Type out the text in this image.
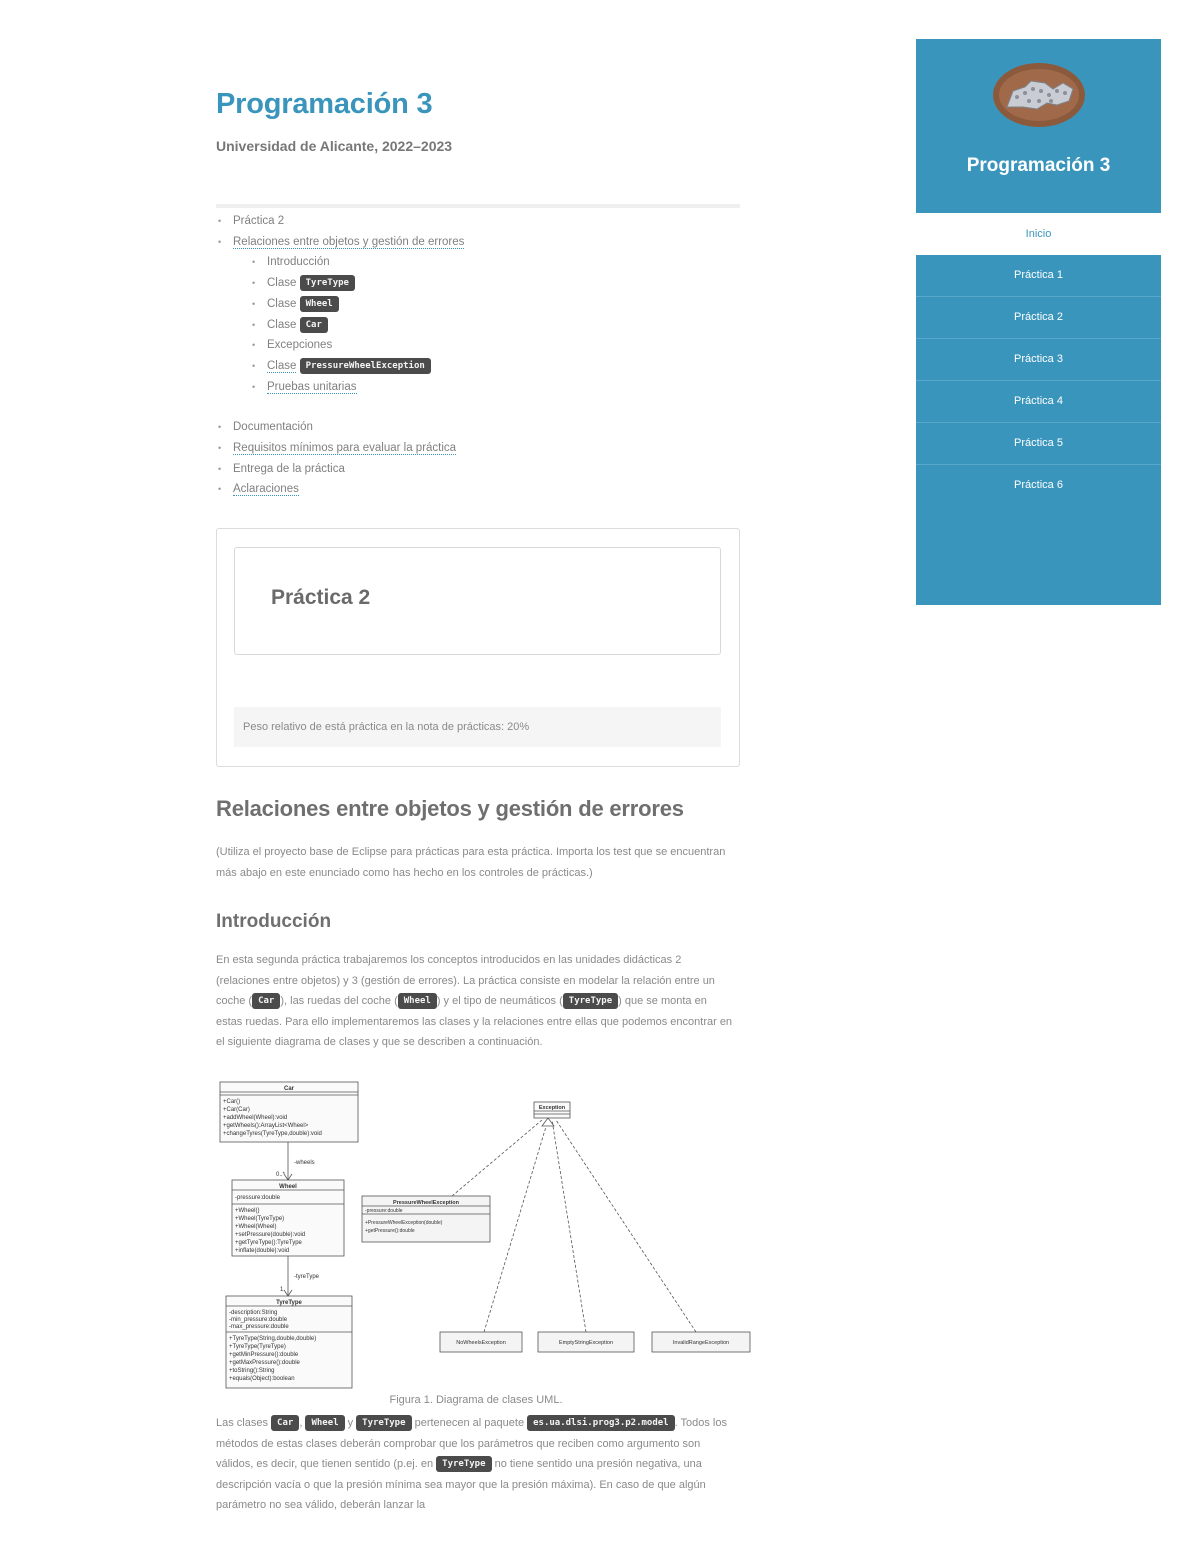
Programación 3

Universidad de Alicante, 2022–2023

• Práctica 2
• Relaciones entre objetos y gestión de errores
• Introducción
• Clase TyreType
• Clase Wheel
• Clase Car
• Excepciones
• Clase PressureWheelException
• Pruebas unitarias
• Documentación
• Requisitos mínimos para evaluar la práctica
• Entrega de la práctica
• Aclaraciones
Práctica 2
Peso relativo de está práctica en la nota de prácticas: 20%
Relaciones entre objetos y gestión de errores

(Utiliza el proyecto base de Eclipse para prácticas para esta práctica. Importa los test que se encuentran más abajo en este enunciado como has hecho en los controles de prácticas.)

Introducción

En esta segunda práctica trabajaremos los conceptos introducidos en las unidades didácticas 2 (relaciones entre objetos) y 3 (gestión de errores). La práctica consiste en modelar la relación entre un coche ( Car ), las ruedas del coche ( Wheel ) y el tipo de neumáticos ( TyreType ) que se monta en estas ruedas. Para ello implementaremos las clases y la relaciones entre ellas que podemos encontrar en el siguiente diagrama de clases y que se describen a continuación.

Car
+Car()
+Car(Car)
+addWheel(Wheel):void
+getWheels():ArrayList<Wheel>
+changeTyres(TyreType,double):void
-wheels
0..*
Wheel
-pressure:double
+Wheel()
+Wheel(TyreType)
+Wheel(Wheel)
+setPressure(double):void
+getTyreType():TyreType
+inflate(double):void
-tyreType
1
TyreType
-description:String
-min_pressure:double
-max_pressure:double
+TyreType(String,double,double)
+TyreType(TyreType)
+getMinPressure():double
+getMaxPressure():double
+toString():String
+equals(Object):boolean
Exception
PressureWheelException
-pressure:double
+PressureWheelException(double)
+getPressure():double
NoWheelsException	EmptyStringException	InvalidRangeException
Figura 1. Diagrama de clases UML.

Las clases Car , Wheel y TyreType pertenecen al paquete es.ua.dlsi.prog3.p2.model . Todos los métodos de estas clases deberán comprobar que los parámetros que reciben como argumento son válidos, es decir, que tienen sentido (p.ej. en TyreType no tiene sentido una presión negativa, una descripción vacía o que la presión mínima sea mayor que la presión máxima). En caso de que algún parámetro no sea válido, deberán lanzar la

Programación 3
Inicio
Práctica 1
Práctica 2
Práctica 3
Práctica 4
Práctica 5
Práctica 6
